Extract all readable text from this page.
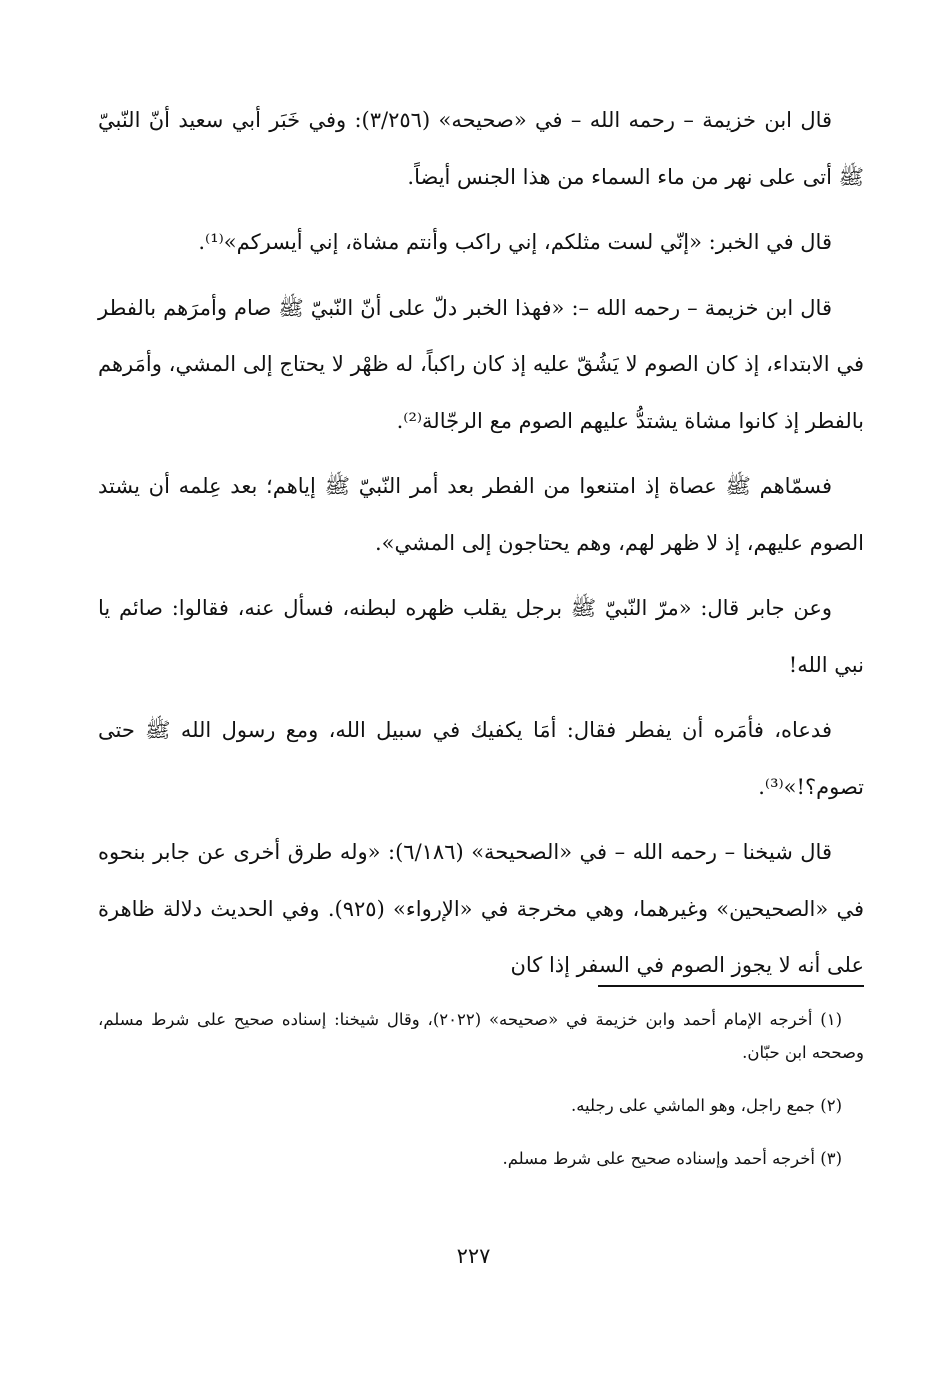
قال ابن خزيمة – رحمه الله – في «صحيحه» (٣/٢٥٦): وفي خَبَر أبي سعيد أنّ النّبيّ ﷺ أتى على نهر من ماء السماء من هذا الجنس أيضاً.

قال في الخبر: «إنّي لست مثلكم، إني راكب وأنتم مشاة، إني أيسركم»⁽¹⁾.

قال ابن خزيمة – رحمه الله –: «فهذا الخبر دلّ على أنّ النّبيّ ﷺ صام وأمرَهم بالفطر في الابتداء، إذ كان الصوم لا يَشُقّ عليه إذ كان راكباً، له ظهْر لا يحتاج إلى المشي، وأمَرهم بالفطر إذ كانوا مشاة يشتدُّ عليهم الصوم مع الرجّالة⁽²⁾.

فسمّاهم ﷺ عصاة إذ امتنعوا من الفطر بعد أمر النّبيّ ﷺ إياهم؛ بعد عِلمه أن يشتد الصوم عليهم، إذ لا ظهر لهم، وهم يحتاجون إلى المشي».

وعن جابر قال: «مرّ النّبيّ ﷺ برجل يقلب ظهره لبطنه، فسأل عنه، فقالوا: صائم يا نبي الله!

فدعاه، فأمَره أن يفطر فقال: أمَا يكفيك في سبيل الله، ومع رسول الله ﷺ حتى تصوم؟!»⁽³⁾.

قال شيخنا – رحمه الله – في «الصحيحة» (٦/١٨٦): «وله طرق أخرى عن جابر بنحوه في «الصحيحين» وغيرهما، وهي مخرجة في «الإرواء» (٩٢٥). وفي الحديث دلالة ظاهرة على أنه لا يجوز الصوم في السفر إذا كان

(١) أخرجه الإمام أحمد وابن خزيمة في «صحيحه» (٢٠٢٢)، وقال شيخنا: إسناده صحيح على شرط مسلم، وصححه ابن حبّان.

(٢) جمع راجل، وهو الماشي على رجليه.

(٣) أخرجه أحمد وإسناده صحيح على شرط مسلم.

٢٢٧
